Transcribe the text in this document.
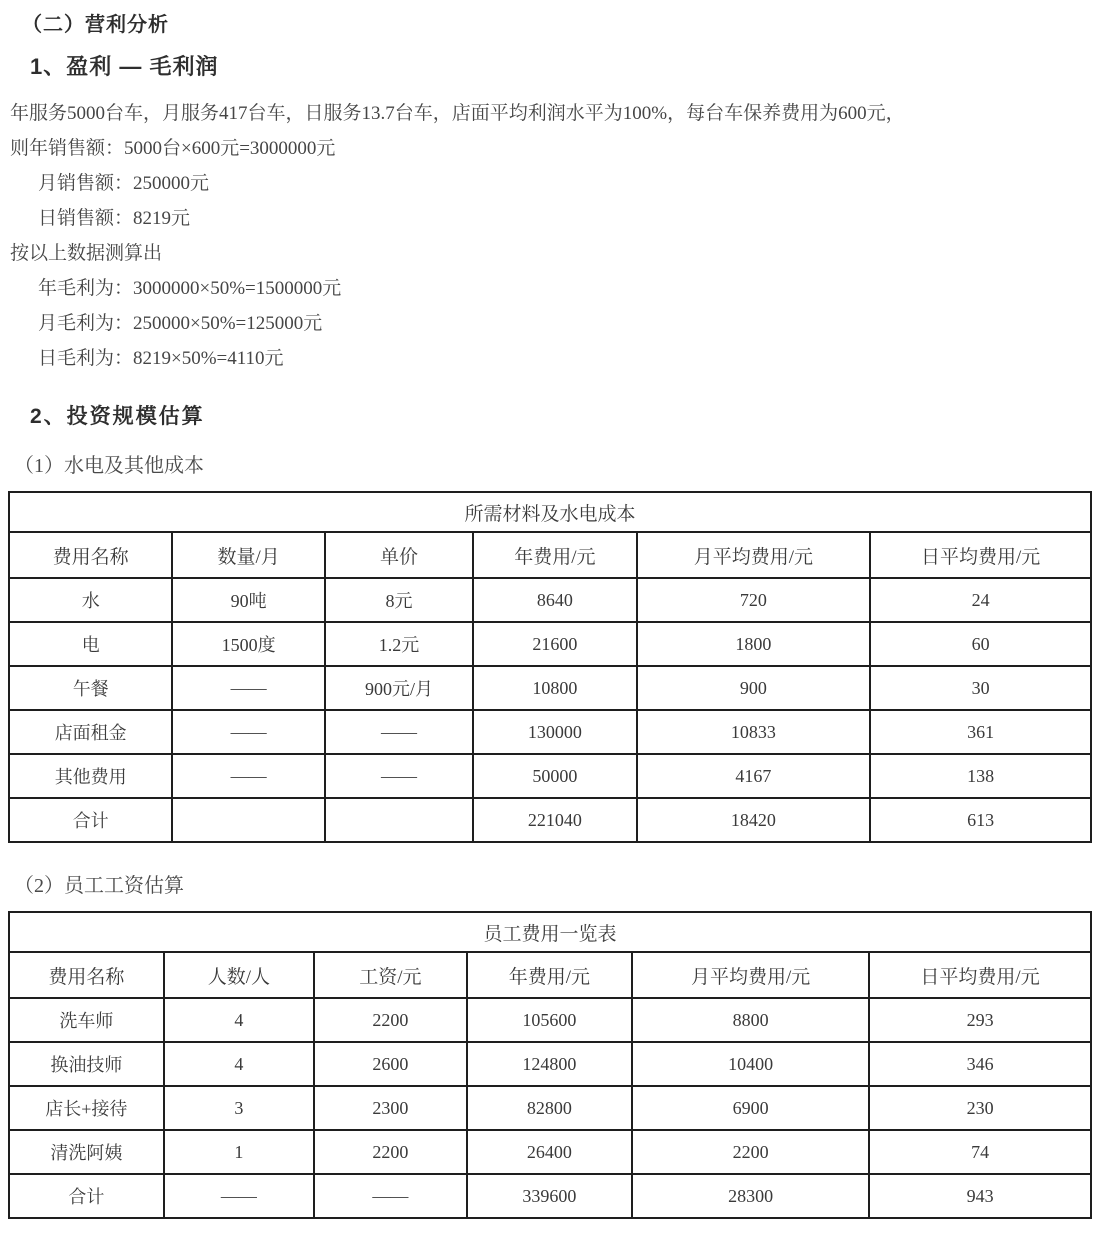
（二）营利分析
1、盈利 — 毛利润
年服务5000台车，月服务417台车，日服务13.7台车，店面平均利润水平为100%，每台车保养费用为600元，
则年销售额：5000台×600元=3000000元
月销售额：250000元
日销售额：8219元
按以上数据测算出
年毛利为：3000000×50%=1500000元
月毛利为：250000×50%=125000元
日毛利为：8219×50%=4110元
2、投资规模估算
（1）水电及其他成本
所需材料及水电成本					
费用名称	数量/月	单价	年费用/元	月平均费用/元	日平均费用/元
水	90吨	8元	8640	720	24
电	1500度	1.2元	21600	1800	60
午餐	——	900元/月	10800	900	30
店面租金	——	——	130000	10833	361
其他费用	——	——	50000	4167	138
合计			221040	18420	613
（2）员工工资估算
员工费用一览表					
费用名称	人数/人	工资/元	年费用/元	月平均费用/元	日平均费用/元
洗车师	4	2200	105600	8800	293
换油技师	4	2600	124800	10400	346
店长+接待	3	2300	82800	6900	230
清洗阿姨	1	2200	26400	2200	74
合计	——	——	339600	28300	943
